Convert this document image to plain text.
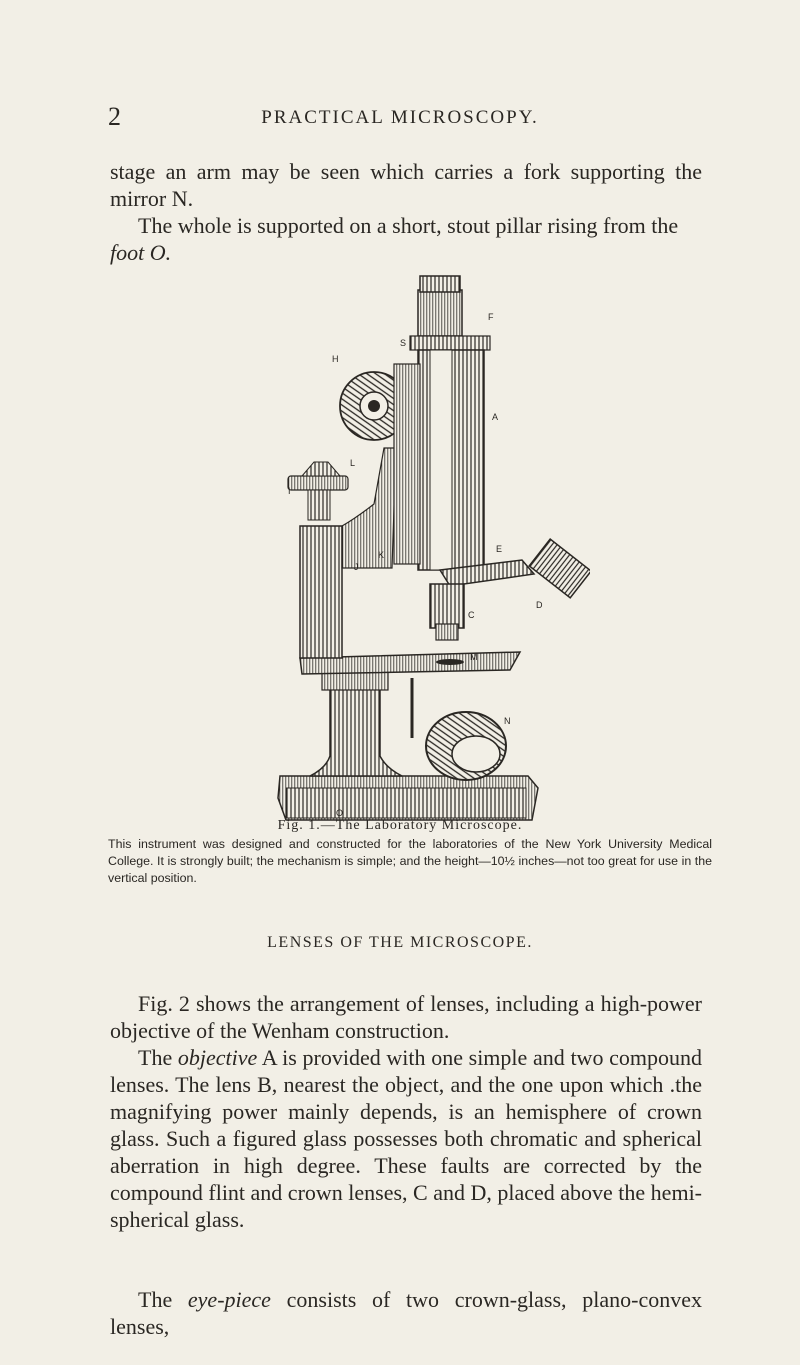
2	PRACTICAL MICROSCOPY.
stage an arm may be seen which carries a fork supporting the mirror N.
The whole is supported on a short, stout pillar rising from the
foot O.
F
H
S
A
L
I
K
J
E
D
C
M
N
O
Fig. 1.—The Laboratory Microscope.
This instrument was designed and constructed for the laboratories of the New York University Medical College. It is strongly built; the mechanism is simple; and the height—10½ inches—not too great for use in the vertical position.
LENSES OF THE MICROSCOPE.
Fig. 2 shows the arrangement of lenses, including a high-power objective of the Wenham construction.
The objective A is provided with one simple and two compound lenses. The lens B, nearest the object, and the one upon which .the magnifying power mainly depends, is an hemisphere of crown glass. Such a figured glass possesses both chromatic and spherical aberration in high degree. These faults are corrected by the compound flint and crown lenses, C and D, placed above the hemi-spherical glass.
The eye-piece consists of two crown-glass, plano-convex lenses,
